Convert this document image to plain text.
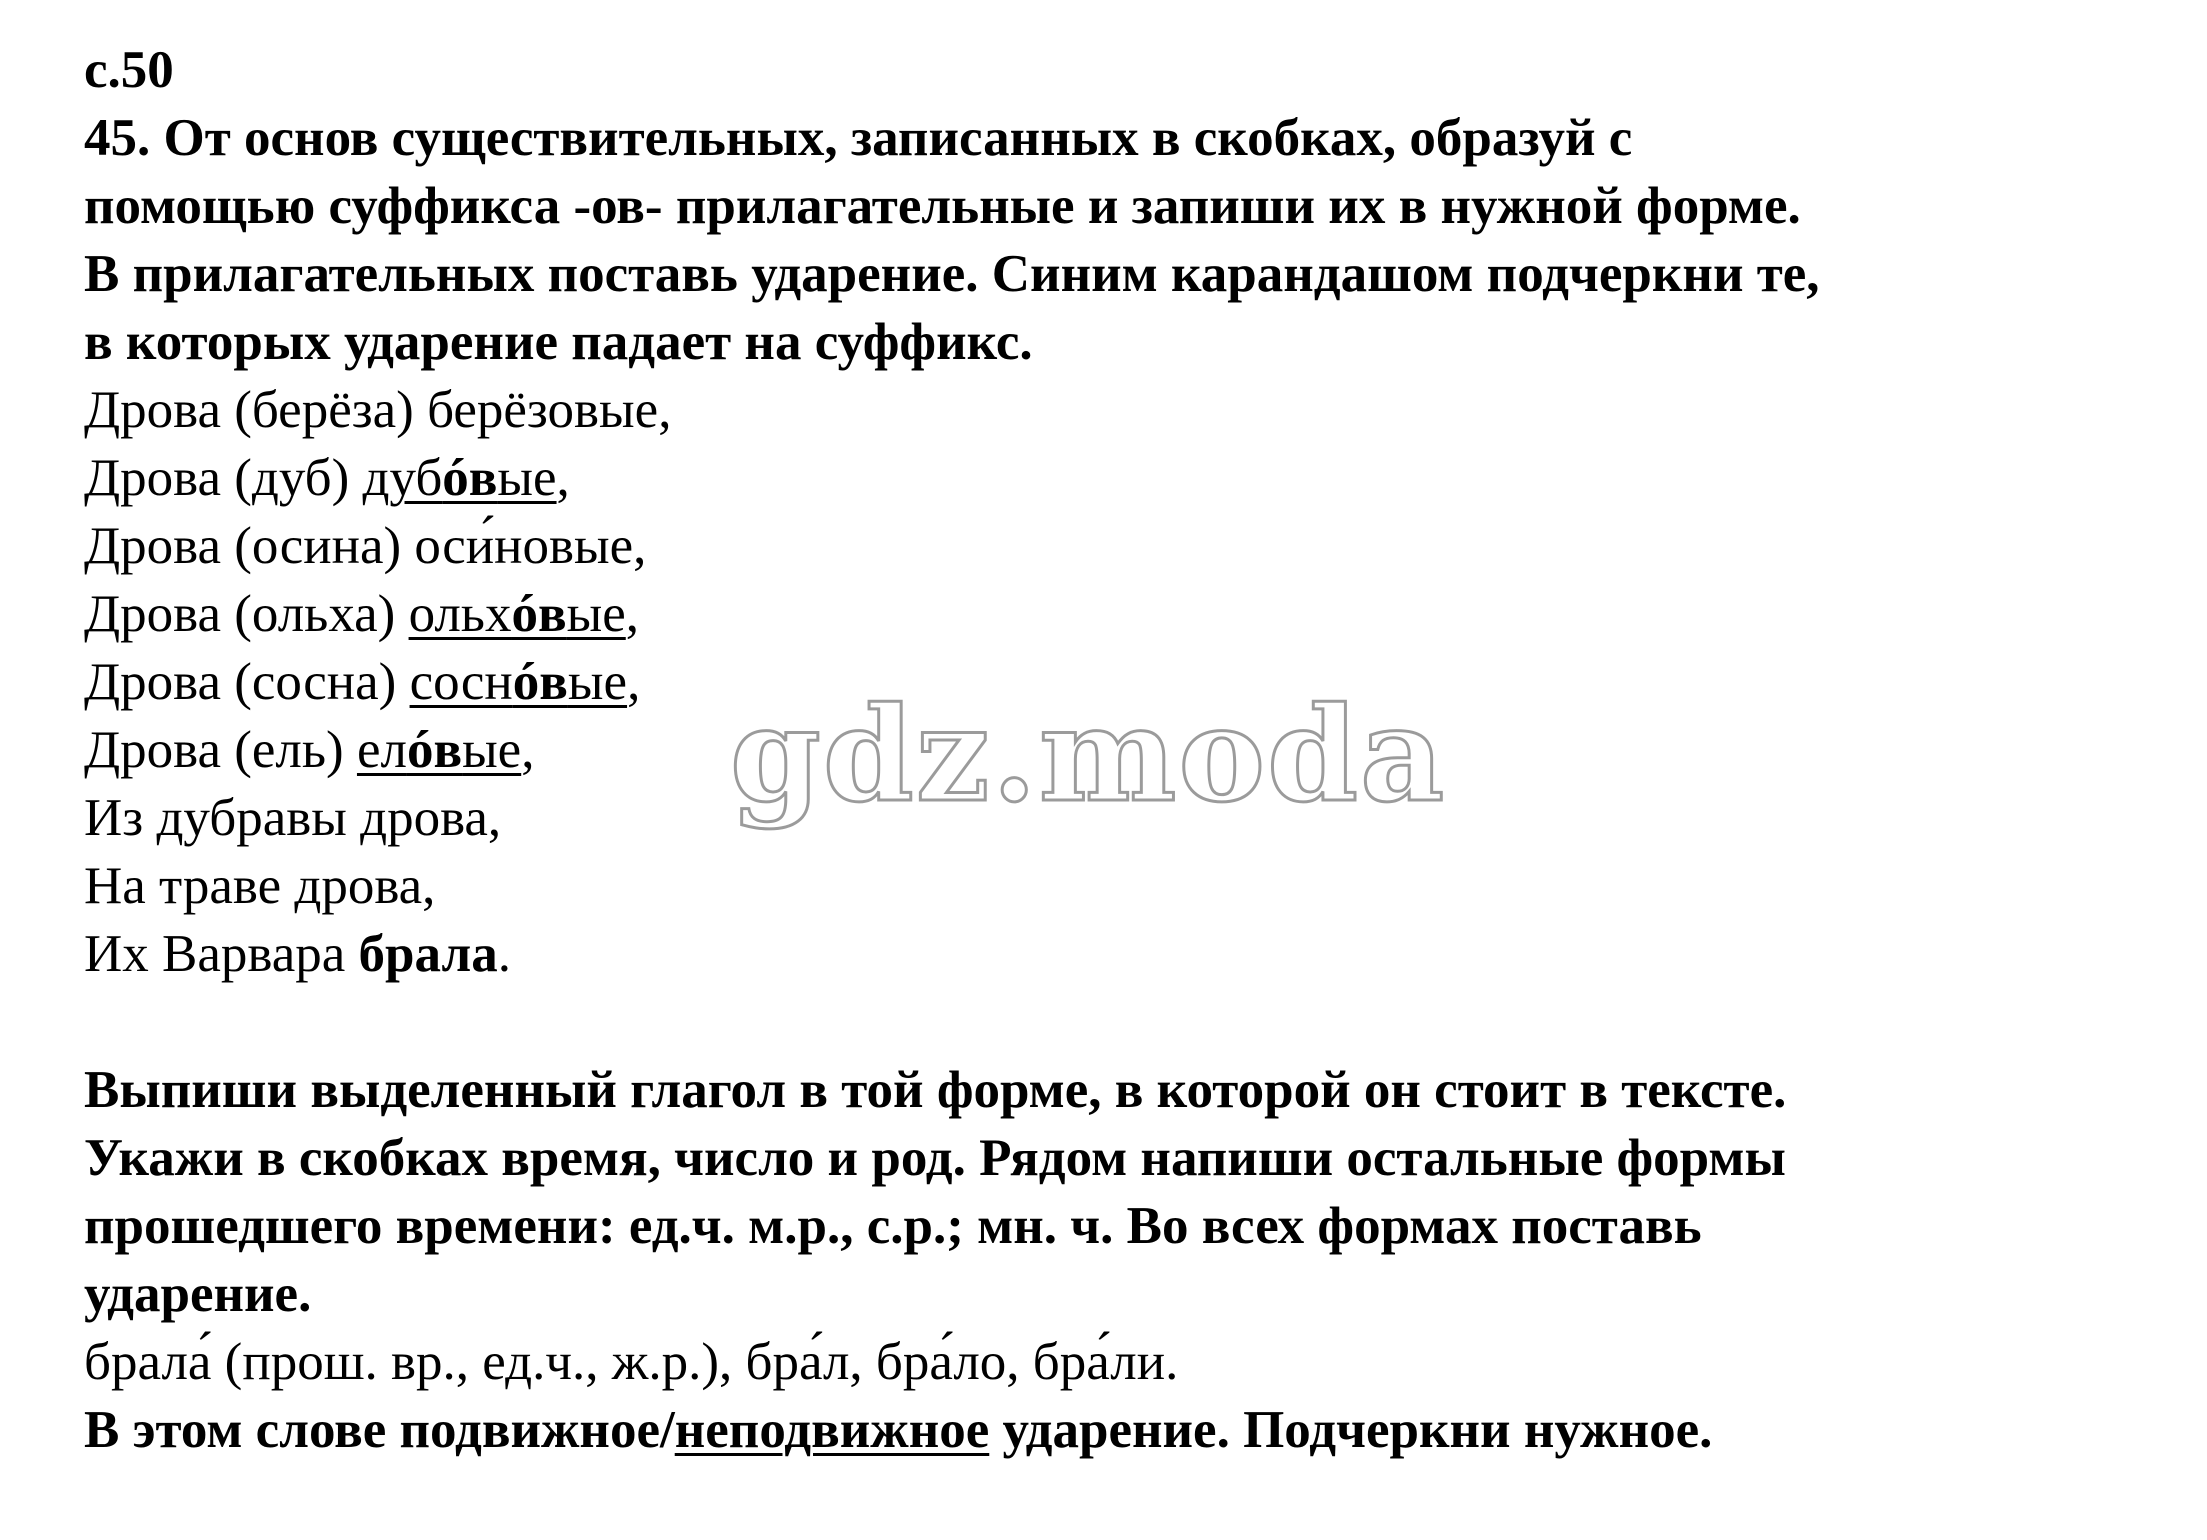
с.50
45. От основ существительных, записанных в скобках, образуй с
помощью суффикса -ов- прилагательные и запиши их в нужной форме.
В прилагательных поставь ударение. Синим карандашом подчеркни те,
в которых ударение падает на суффикс.
Дрова (берёза) берёзовые,
Дрова (дуб) дубóвые,
Дрова (осина) оси́новые,
Дрова (ольха) ольхóвые,
Дрова (сосна) соснóвые,
Дрова (ель) елóвые,
Из дубравы дрова,
На траве дрова,
Их Варвара брала.
Выпиши выделенный глагол в той форме, в которой он стоит в тексте.
Укажи в скобках время, число и род. Рядом напиши остальные формы
прошедшего времени: ед.ч. м.р., с.р.; мн. ч. Во всех формах поставь
ударение.
брала́ (прош. вр., ед.ч., ж.р.), бра́л, бра́ло, бра́ли.
В этом слове подвижное/неподвижное ударение. Подчеркни нужное.
gdz.moda
